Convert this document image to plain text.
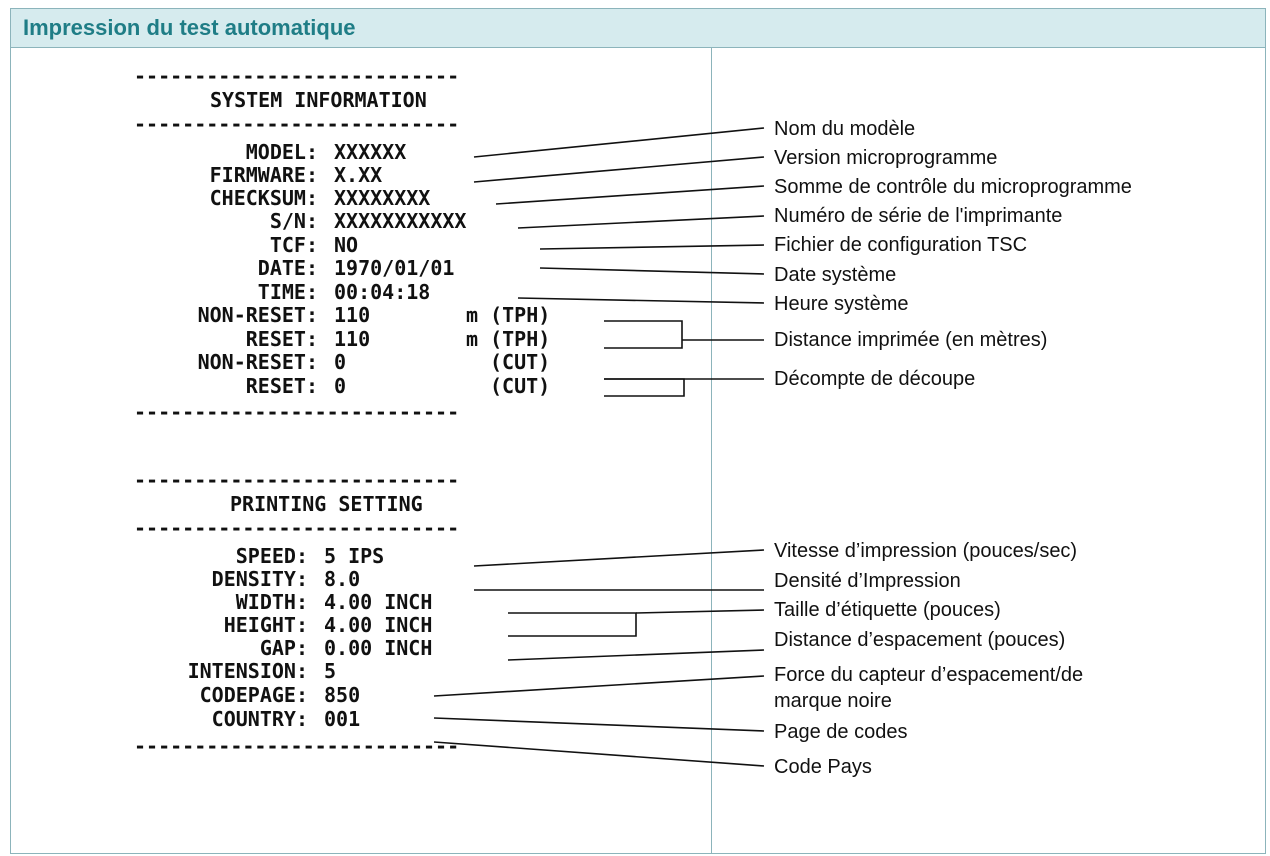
Impression du test automatique
---------------------------
SYSTEM INFORMATION
---------------------------
MODEL: XXXXXX
FIRMWARE: X.XX
CHECKSUM: XXXXXXXX
S/N: XXXXXXXXXXX
TCF: NO
DATE: 1970/01/01
TIME: 00:04:18
NON-RESET: 110	m (TPH)
RESET: 110	m (TPH)
NON-RESET: 0	(CUT)
RESET: 0	(CUT)
---------------------------
---------------------------
PRINTING SETTING
---------------------------
SPEED: 5 IPS
DENSITY: 8.0
WIDTH: 4.00 INCH
HEIGHT: 4.00 INCH
GAP: 0.00 INCH
INTENSION: 5
CODEPAGE: 850
COUNTRY: 001
---------------------------
Nom du modèle
Version microprogramme
Somme de contrôle du microprogramme
Numéro de série de l'imprimante
Fichier de configuration TSC
Date système
Heure système
Distance imprimée (en mètres)
Décompte de découpe
Vitesse d’impression (pouces/sec)
Densité d’Impression
Taille d’étiquette (pouces)
Distance d’espacement (pouces)
Force du capteur d’espacement/de
marque noire
Page de codes
Code Pays
